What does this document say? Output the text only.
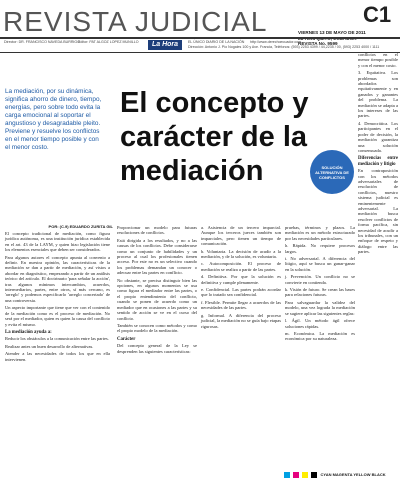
REVISTA JUDICIAL	C1
VIERNES 13 DE MAYO DE 2011
REVISTA No. 9599
Director: DR. FRANCISCO NAVEDA BURRIGO
Editor: PAT ALGOZ LOPEZ MUNILLO	EL ÚNICO DIARIO DE LA NACIÓN http://www.derechoecuador.com
Dirección: Antonio J. Pío Nogales 100 y Ave. Francia, Teléfonos: (593) 2253 4399 / 44,2235 / 00, (593) 2253 4000 / 1111
La Hora
La mediación, por su dinámica, significa ahorro de dinero, tiempo, energías, pero sobre todo evita la carga emocional al soportar el angustioso y desagradable pleito. Previene y resuelve los conflictos en el menor tiempo posible y con el menor costo.
POR: (C.9) EDUARDO ZURITA GIL
El concepto y carácter de la mediación	SOLUCIÓN ALTERNATIVA DE CONFLICTOS

El concepto tradicional de mediación, como figura jurídica autónoma, es una institución jurídica establecida en el art. 43 de la LAYM, y quien hizo legislación tiene los elementos esenciales que deben ser considerados.

Para algunos autores el concepto apunta al convenio a definir. En nuestra opinión, las características de la mediación se dan a partir de mediación, y así vistos a abordar en diagnóstico, empezando a partir de un análisis teórico del artículo. El doctrinario 'para señalar la acción', tras algunos mínimos intercambios, acuerdos, intermediarios, partes, entre otros, sí más cercano, es 'arreglo' y podemos especificarlo 'arreglo concertado' de una controversia.

Un aspecto importante que tiene que ver con el contenido de la mediación como es el proceso de mediación. No será por el mediador, quien es quien la causa del conflicto y evita el mismo.

La mediación ayuda a:

Reducir los obstáculos a la comunicación entre las partes.

Realizar antes un buen desarrollo de alternativas.

Atender a las necesidades de todos los que en ella intervienen.

Proporcionar un modelo para futuras resoluciones de conflictos.

Está dirigida a los resultados, y no a las causas de los conflictos. Debe considerarse como un conjunto de habilidades y un proceso al cual los profesionales tienen acceso. Por este no es un selectivo cuando los problemas demandan un conocer o adecuar entre las partes en conflicto.

No obstante, se precisa distinguir bien las opciones, en algunos momentos se usa como figura el mediador entre las partes, o el propio entendimiento del conflicto, cuando se ponen de acuerdo como un mediador que en ocasiones a las partes y su sentido de acción se ve en el curso del conflicto.

También se conocen como métodos y como el propio modelo de la mediación.

Carácter

Del concepto general de la Ley se desprenden las siguientes características:

a. Asistencia de un tercero imparcial. Aunque los terceros jueces también son imparciales, pero tienen un tiempo de comunicación.

b. Voluntaria. La decisión de acudir a la mediación, y de la solución, es voluntaria.

c. Autocomposición. El proceso de mediación se realiza a partir de las partes.

d. Definitiva. Por que la solución es definitiva y cumple plenamente.

e. Confidencial. Las partes podrán acordar que lo tratado sea confidencial.

f. Flexible. Permite llegar a acuerdos de las necesidades de las partes.

g. Informal. A diferencia del proceso judicial, la mediación no se guía bajo etapas rigurosas.

pruebas, términos y plazos. La mediación es un método estructurado por las necesidades particulares.

h. Rápida. No requiere procesos largos.

i. No adversarial. A diferencia del litigio, aquí se busca un ganar-ganar en la solución.

j. Prevención. Un conflicto no se convierte en contienda.

k. Visión de futuro. Se crean las bases para relaciones futuras.

Para salvaguardar la validez del modelo, una vez lograda la mediación se sugiere aplicar las siguientes reglas:

l. Ágil. Un método ágil ofrece soluciones rápidas.

m. Económica. La mediación es económica por su naturaleza.

conflictos en el menor tiempo posible y con el menor costo.

3. Equitativa. Los problemas son abordados equitativamente y en ganados y ganantes del problema. La mediación se adapta a los intereses de las partes.

4. Democrática. Los participantes en el poder de decisión, la mediación garantiza una solución consensuada.

Diferencias entre mediación y litigio

En contraposición con los métodos adversariales de resolución de conflictos, nuestro sistema judicial es eminentemente adversarial. La mediación busca resolver conflictos de forma pacífica, sin necesidad de acudir a los tribunales, con un enfoque de respeto y diálogo entre las partes.

CYAN MAGENTA YELLOW BLACK
